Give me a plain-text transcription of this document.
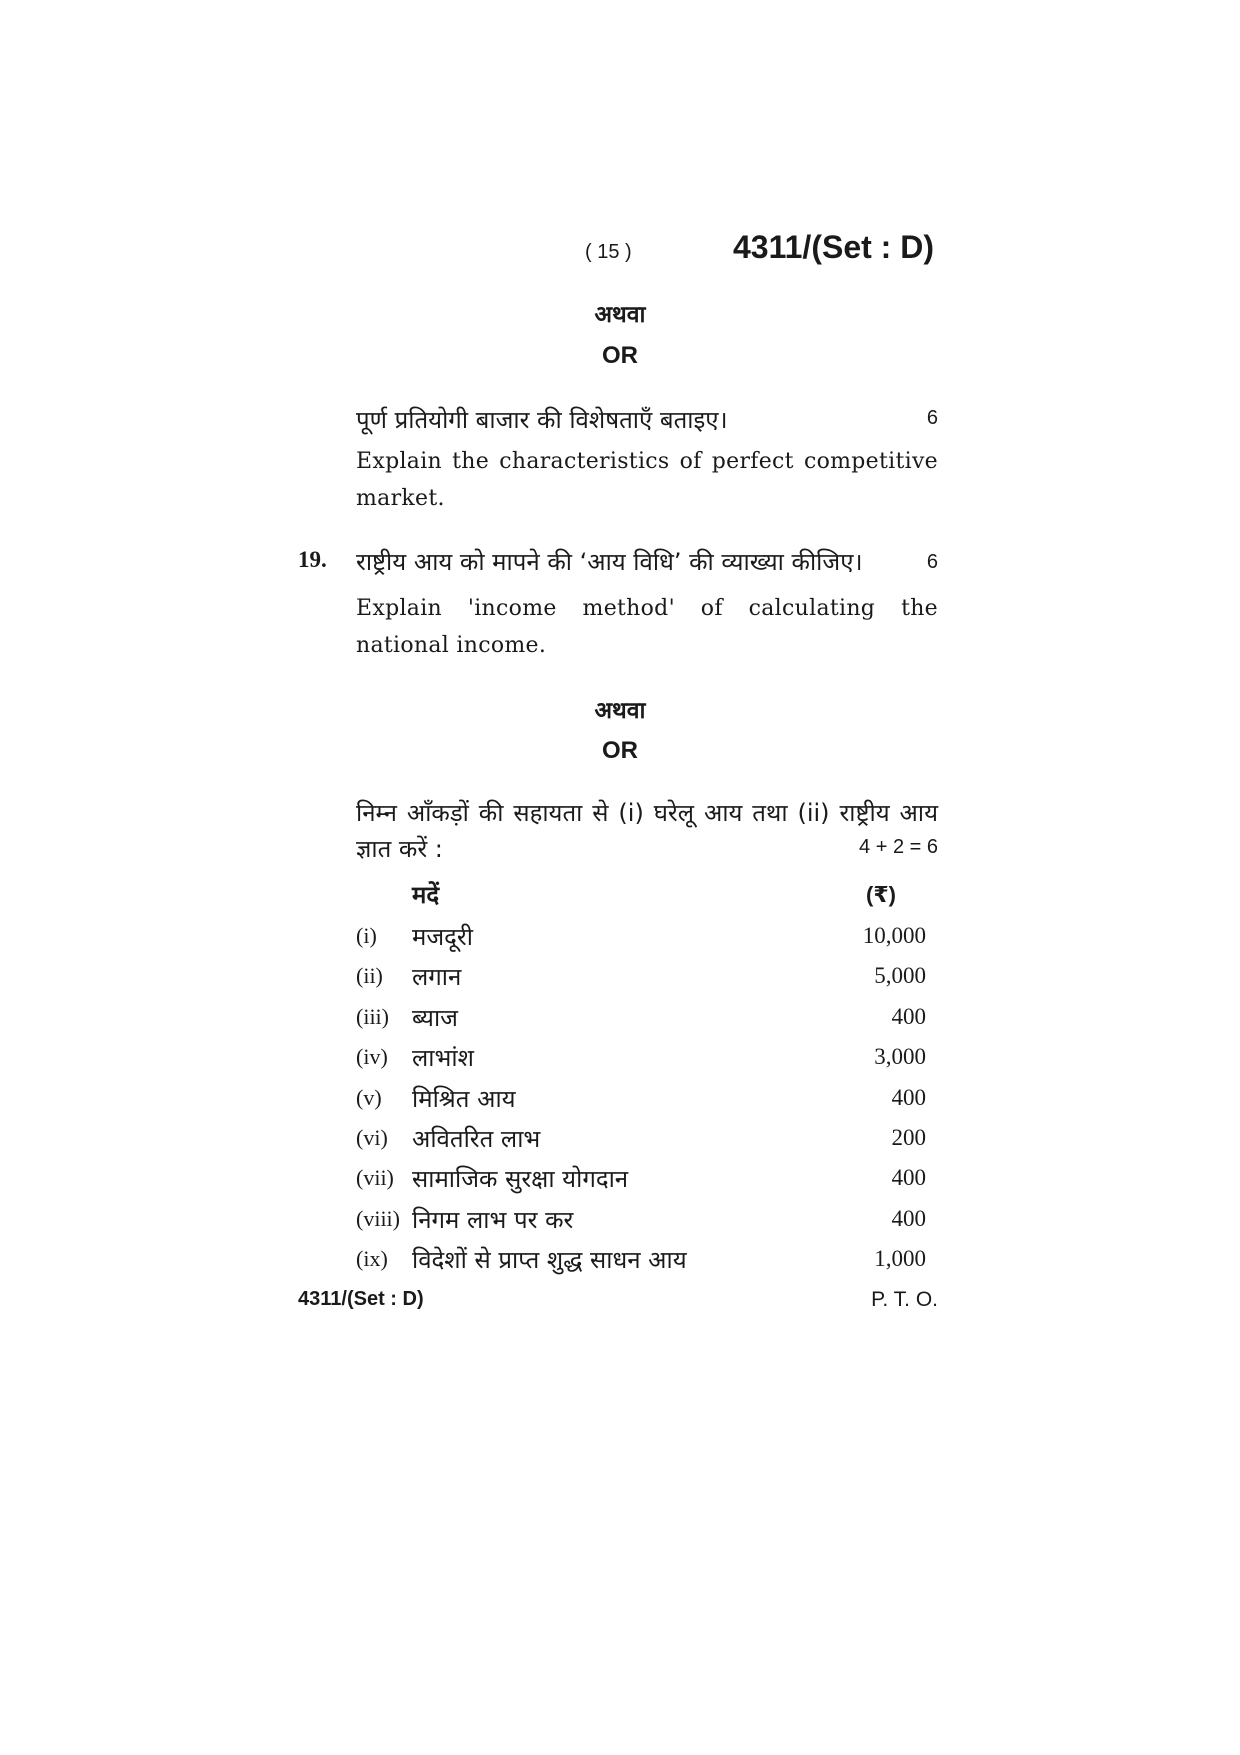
( 15 )	4311/(Set : D)
अथवा
OR
पूर्ण प्रतियोगी बाजार की विशेषताएँ बताइए।	6
Explain the characteristics of perfect competitive
market.
19. राष्ट्रीय आय को मापने की ‘आय विधि’ की व्याख्या कीजिए।	6
Explain 'income method' of calculating the
national income.
अथवा
OR
निम्न आँकड़ों की सहायता से (i) घरेलू आय तथा (ii) राष्ट्रीय आय
ज्ञात करें :	4 + 2 = 6
मदें	(₹)
(i) मजदूरी	10,000
(ii) लगान	5,000
(iii) ब्याज	400
(iv) लाभांश	3,000
(v) मिश्रित आय	400
(vi) अवितरित लाभ	200
(vii) सामाजिक सुरक्षा योगदान	400
(viii) निगम लाभ पर कर	400
(ix) विदेशों से प्राप्त शुद्ध साधन आय	1,000
4311/(Set : D)	P. T. O.
